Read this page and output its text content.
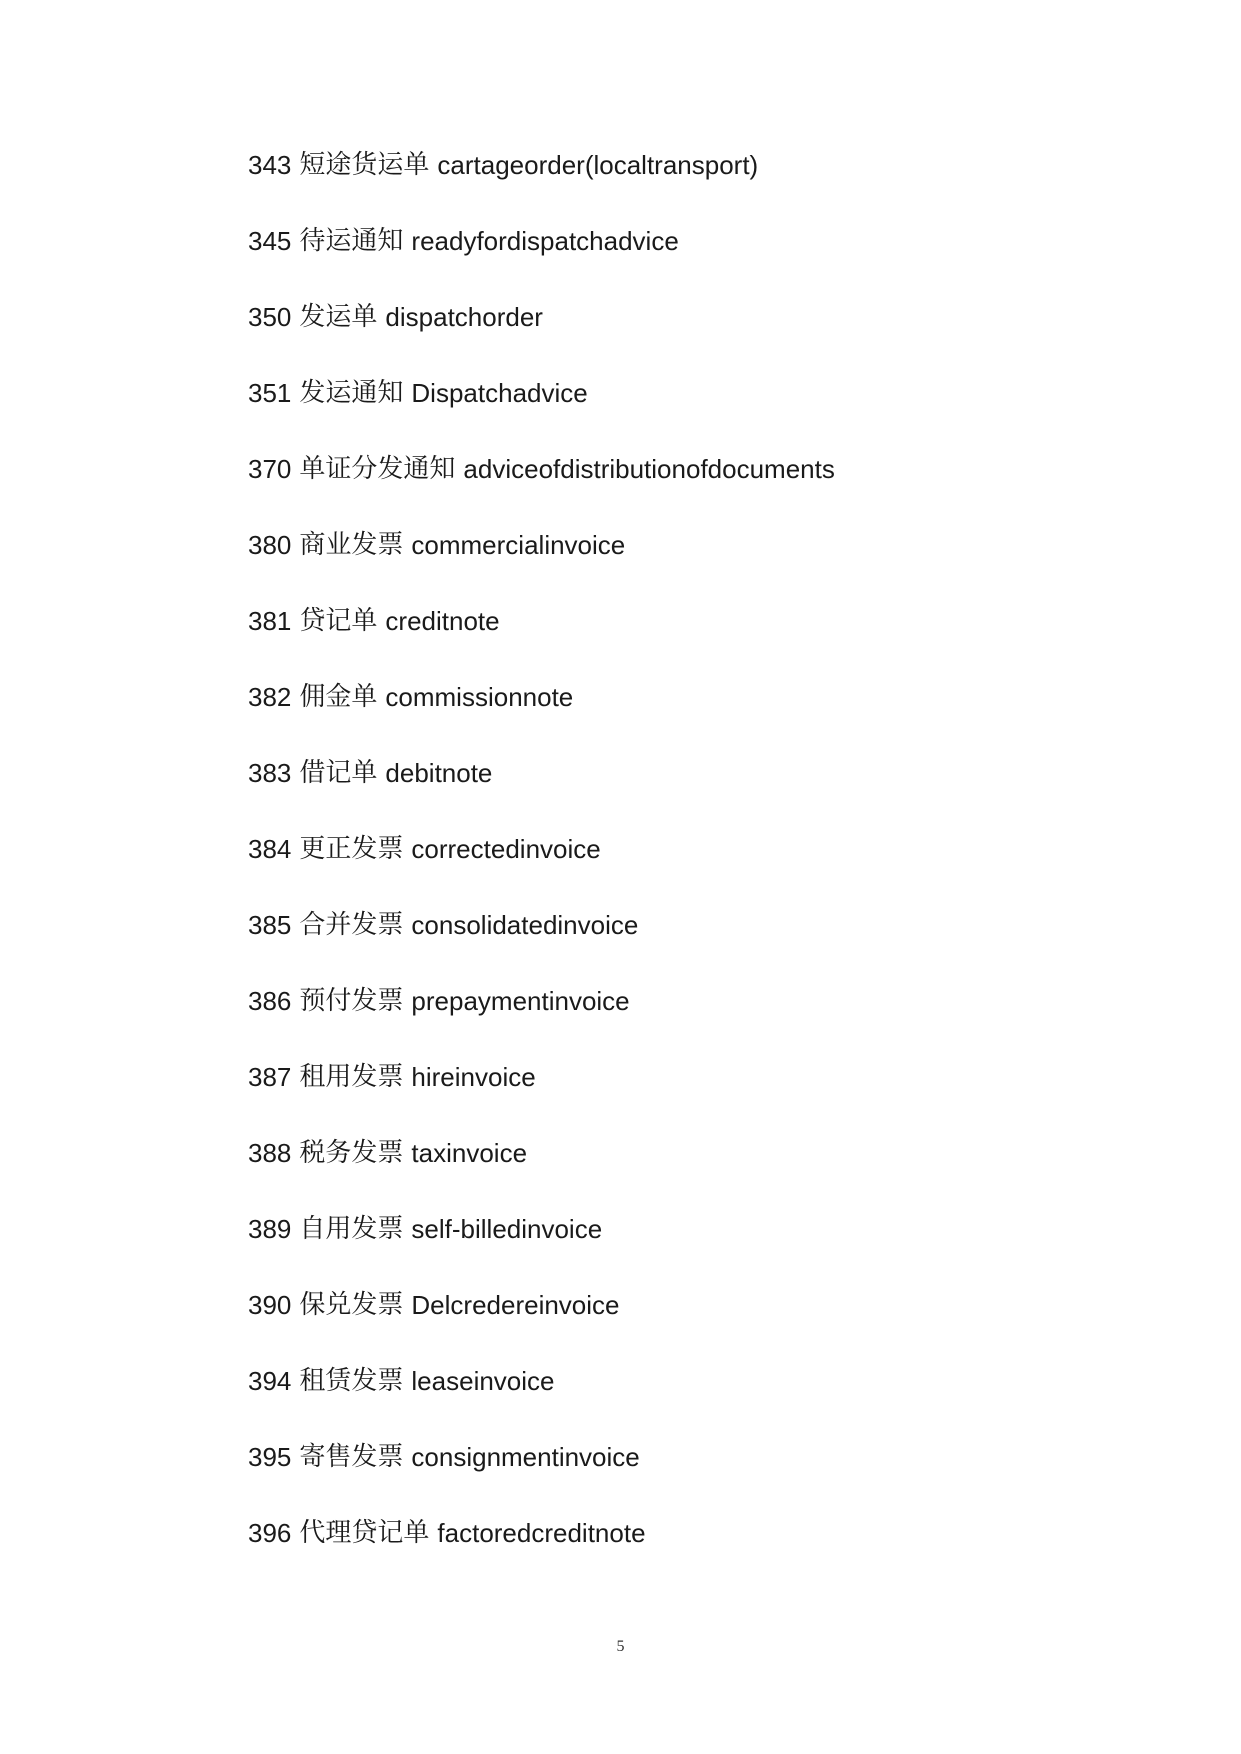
343 短途货运单 cartageorder(localtransport)
345 待运通知 readyfordispatchadvice
350 发运单 dispatchorder
351 发运通知 Dispatchadvice
370 单证分发通知 adviceofdistributionofdocuments
380 商业发票 commercialinvoice
381 贷记单 creditnote
382 佣金单 commissionnote
383 借记单 debitnote
384 更正发票 correctedinvoice
385 合并发票 consolidatedinvoice
386 预付发票 prepaymentinvoice
387 租用发票 hireinvoice
388 税务发票 taxinvoice
389 自用发票 self-billedinvoice
390 保兑发票 Delcredereinvoice
394 租赁发票 leaseinvoice
395 寄售发票 consignmentinvoice
396 代理贷记单 factoredcreditnote
5
